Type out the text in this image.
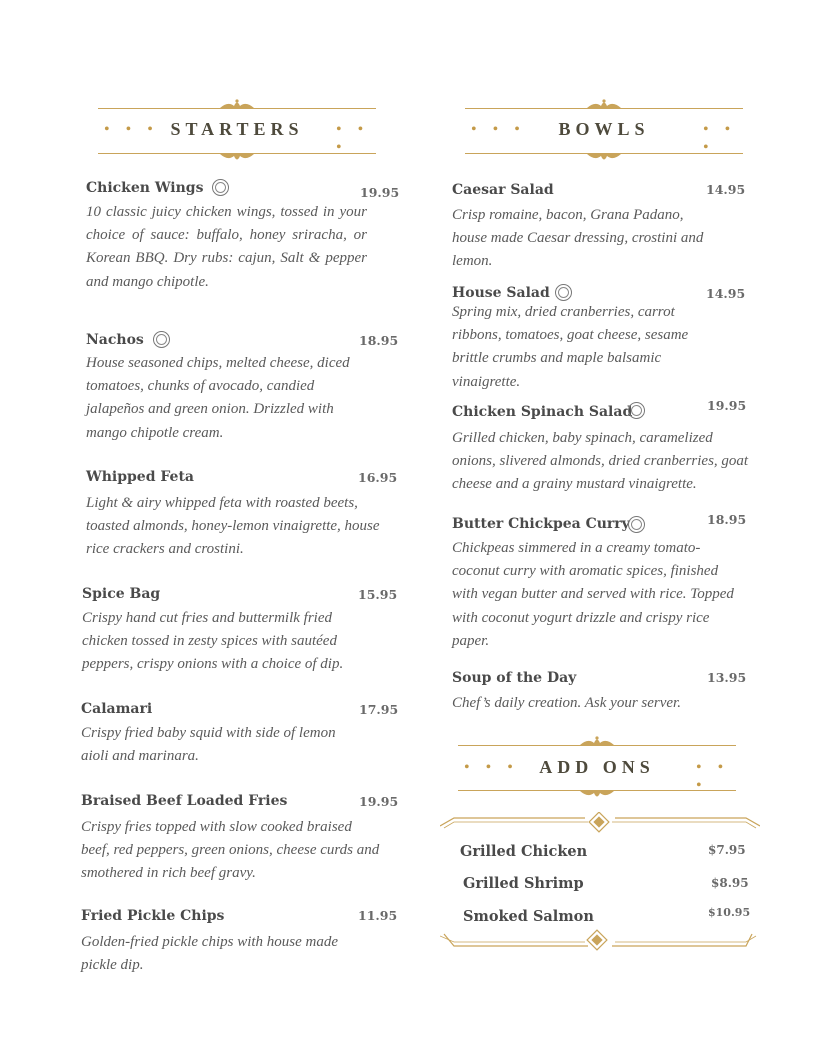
• • • STARTERS	• • •
• • •	BOWLS	• • •
Chicken Wings	19.95
10 classic juicy chicken wings, tossed in your choice of sauce: buffalo, honey sriracha, or Korean BBQ. Dry rubs: cajun, Salt & pepper and mango chipotle.
Nachos	18.95
House seasoned chips, melted cheese, diced tomatoes, chunks of avocado, candied jalapeños and green onion. Drizzled with mango chipotle cream.
Whipped Feta	16.95
Light & airy whipped feta with roasted beets, toasted almonds, honey-lemon vinaigrette, house rice crackers and crostini.
Spice Bag	15.95
Crispy hand cut fries and buttermilk fried chicken tossed in zesty spices with sautéed peppers, crispy onions with a choice of dip.
Calamari	17.95
Crispy fried baby squid with side of lemon aioli and marinara.
Braised Beef Loaded Fries	19.95
Crispy fries topped with slow cooked braised beef, red peppers, green onions, cheese curds and smothered in rich beef gravy.
Fried Pickle Chips	11.95
Golden-fried pickle chips with house made pickle dip.
Caesar Salad	14.95
Crisp romaine, bacon, Grana Padano, house made Caesar dressing, crostini and lemon.
House Salad	14.95
Spring mix, dried cranberries, carrot ribbons, tomatoes, goat cheese, sesame brittle crumbs and maple balsamic vinaigrette.
Chicken Spinach Salad	19.95
Grilled chicken, baby spinach, caramelized onions, slivered almonds, dried cranberries, goat cheese and a grainy mustard vinaigrette.
Butter Chickpea Curry	18.95
Chickpeas simmered in a creamy tomato-coconut curry with aromatic spices, finished with vegan butter and served with rice. Topped with coconut yogurt drizzle and crispy rice paper.
Soup of the Day	13.95
Chef’s daily creation. Ask your server.
• • •	ADD ONS	• • •
Grilled Chicken	$7.95
Grilled Shrimp	$8.95
Smoked Salmon	$10.95
